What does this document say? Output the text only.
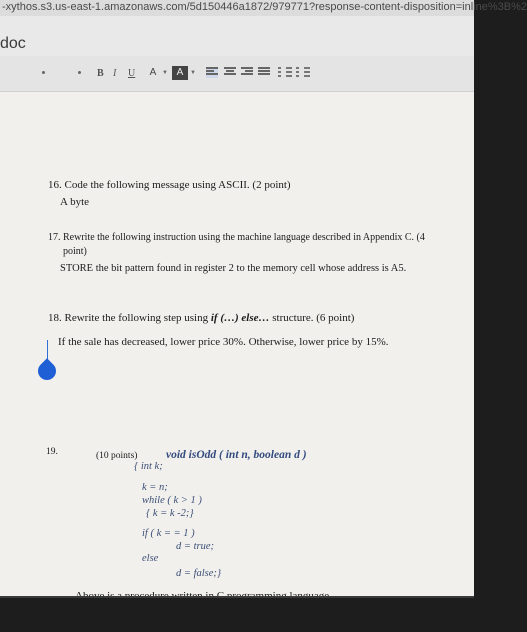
-xythos.s3.us-east-1.amazonaws.com/5d150446a1872/979771?response-content-disposition=inline%3B%2
doc
B I U	A ▼ A	▼
16. Code the following message using ASCII. (2 point)
A byte
17. Rewrite the following instruction using the machine language described in Appendix C. (4
point)
STORE the bit pattern found in register 2 to the memory cell whose address is A5.
18. Rewrite the following step using if (…) else… structure. (6 point)
If the sale has decreased, lower price 30%. Otherwise, lower price by 15%.
19.	(10 points) void isOdd ( int n, boolean d )
{ int k;
k = n;
while ( k > 1 )
{ k = k -2;}
if ( k = = 1 )
d = true;
else
d = false;}
